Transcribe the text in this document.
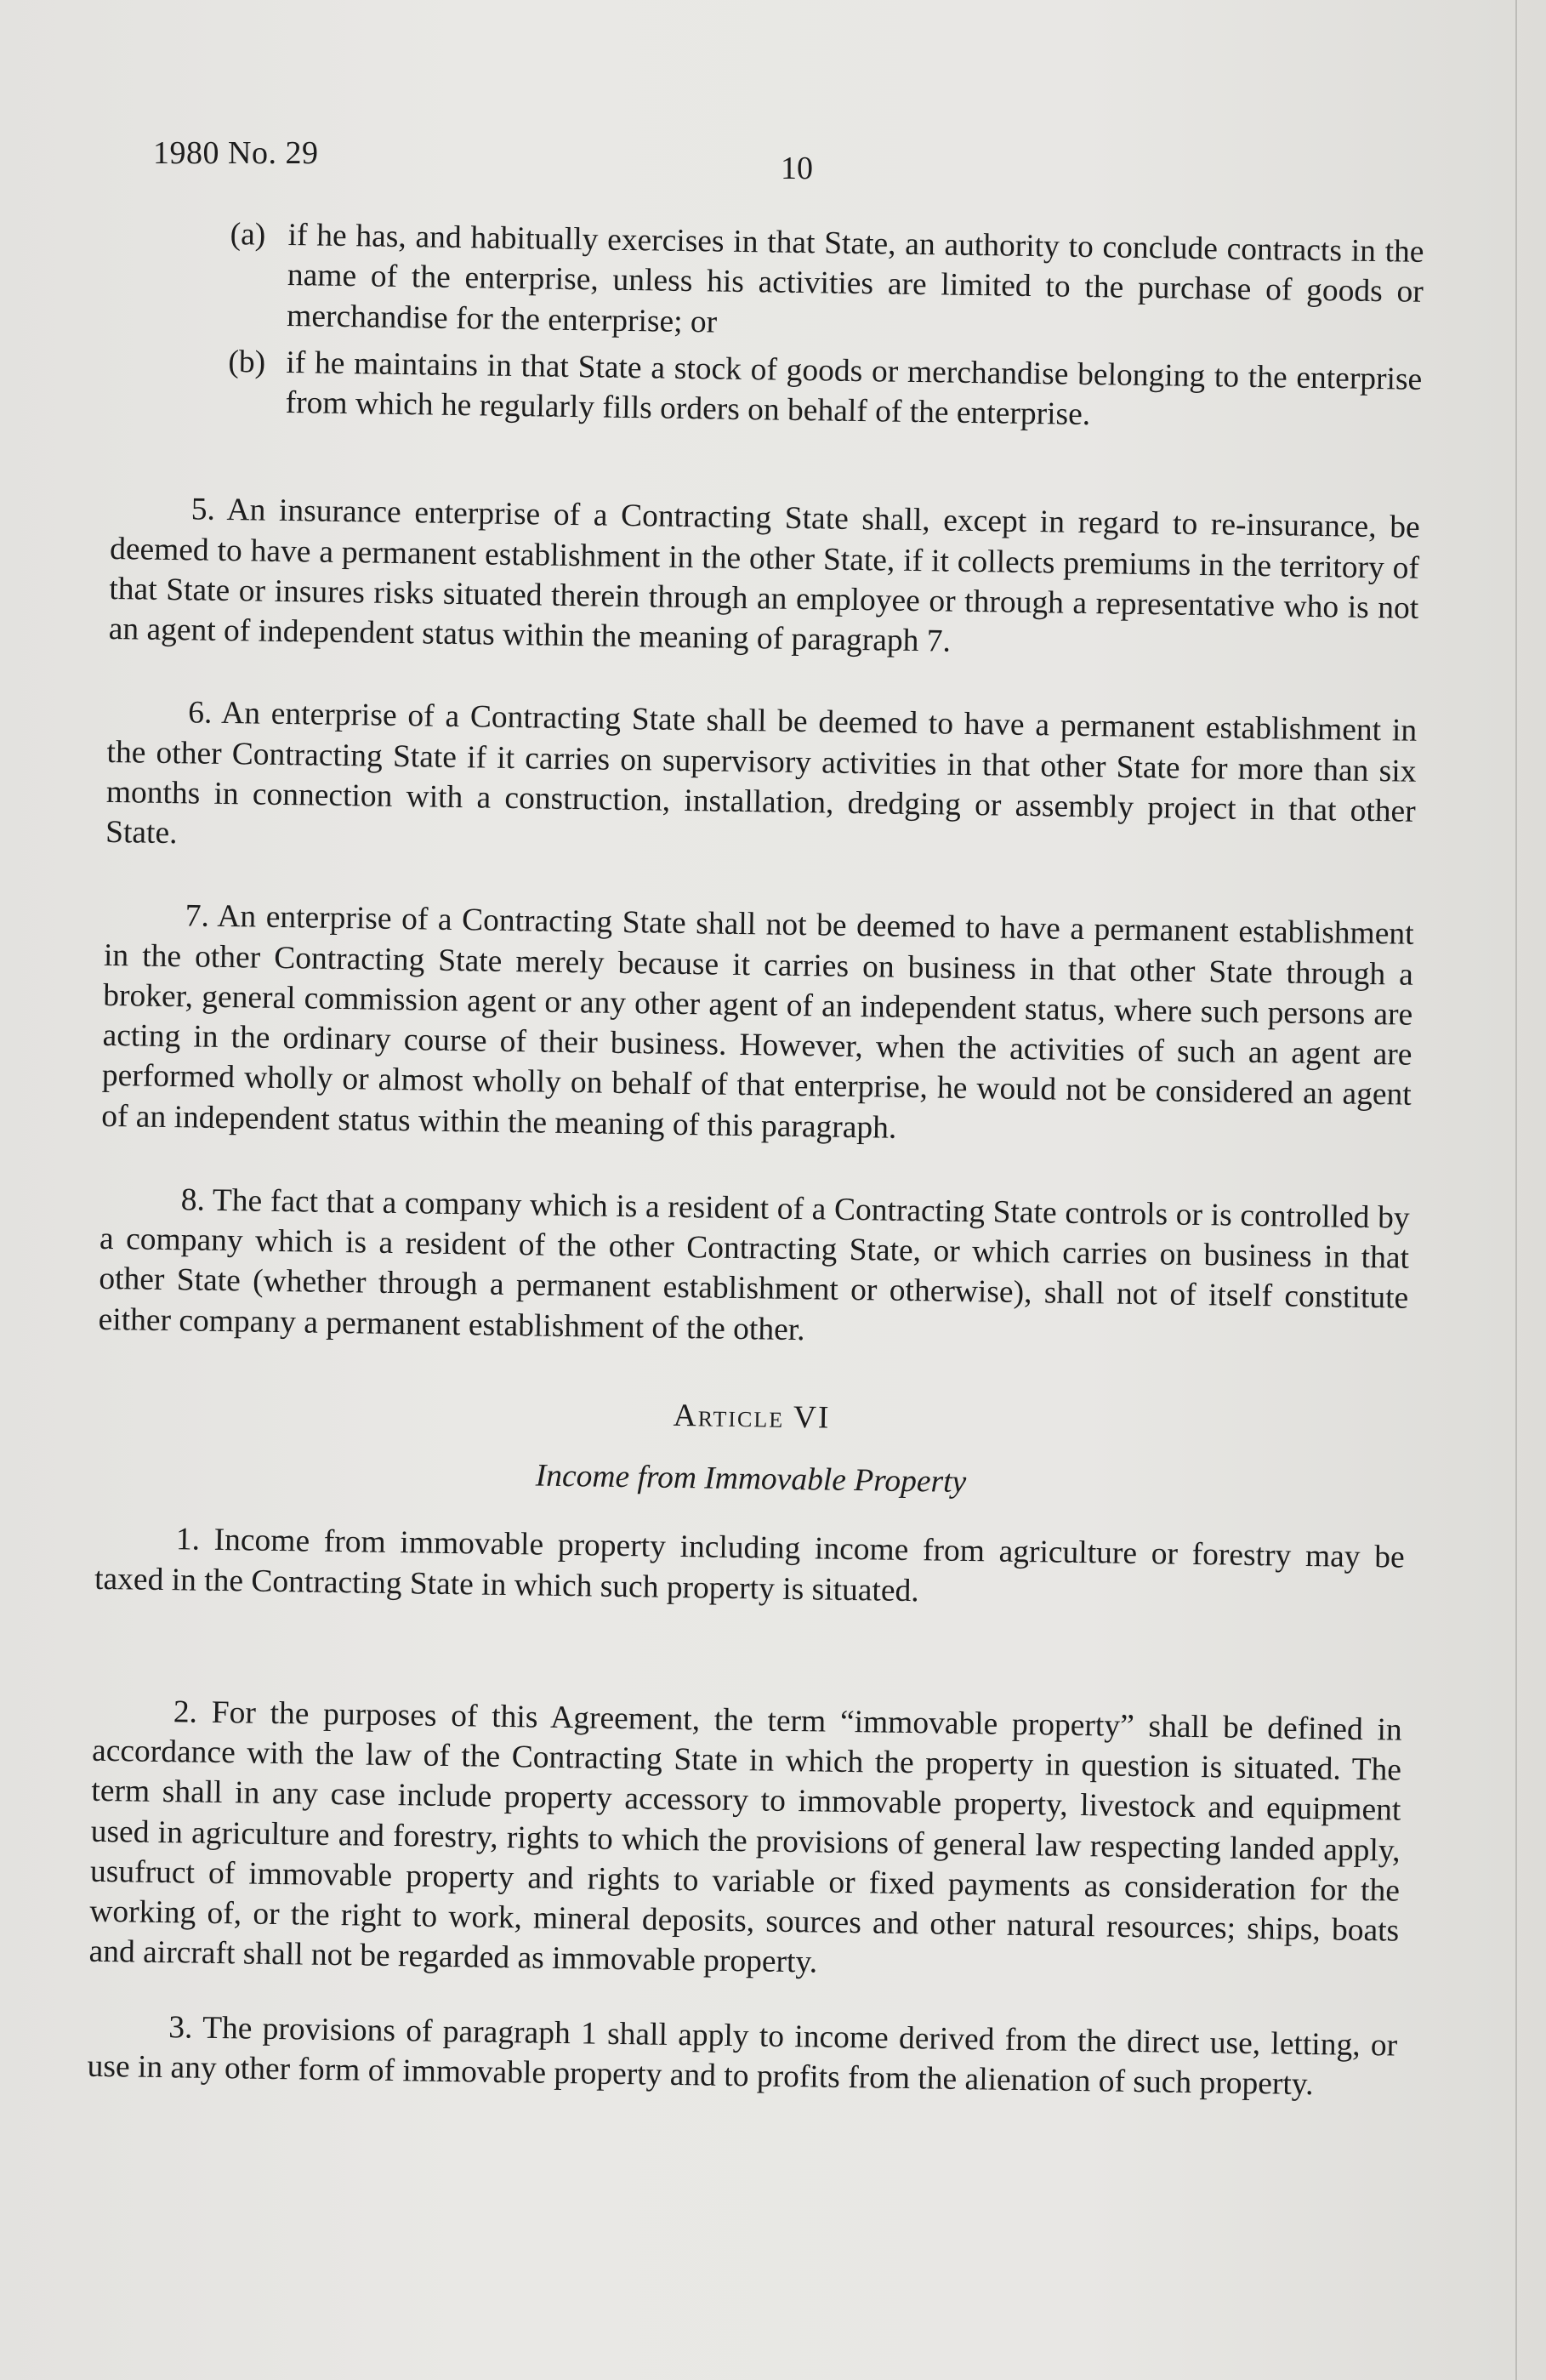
1980 No. 29	10
(a) if he has, and habitually exercises in that State, an authority to conclude contracts in the name of the enterprise, unless his activities are limited to the purchase of goods or merchandise for the enterprise; or
(b) if he maintains in that State a stock of goods or merchandise belonging to the enterprise from which he regularly fills orders on behalf of the enterprise.

5. An insurance enterprise of a Contracting State shall, except in regard to re-insurance, be deemed to have a permanent establishment in the other State, if it collects premiums in the territory of that State or insures risks situated therein through an employee or through a representative who is not an agent of independent status within the meaning of paragraph 7.

6. An enterprise of a Contracting State shall be deemed to have a permanent establishment in the other Contracting State if it carries on supervisory activities in that other State for more than six months in connection with a construction, installation, dredging or assembly project in that other State.

7. An enterprise of a Contracting State shall not be deemed to have a permanent establishment in the other Contracting State merely because it carries on business in that other State through a broker, general commission agent or any other agent of an independent status, where such persons are acting in the ordinary course of their business. However, when the activities of such an agent are performed wholly or almost wholly on behalf of that enterprise, he would not be considered an agent of an independent status within the meaning of this paragraph.

8. The fact that a company which is a resident of a Contracting State controls or is controlled by a company which is a resident of the other Contracting State, or which carries on business in that other State (whether through a permanent establishment or otherwise), shall not of itself constitute either company a permanent establishment of the other.

Article VI

Income from Immovable Property

1. Income from immovable property including income from agriculture or forestry may be taxed in the Contracting State in which such property is situated.

2. For the purposes of this Agreement, the term “immovable property” shall be defined in accordance with the law of the Contracting State in which the property in question is situated. The term shall in any case include property accessory to immovable property, livestock and equipment used in agriculture and forestry, rights to which the provisions of general law respecting landed apply, usufruct of immovable property and rights to variable or fixed payments as consideration for the working of, or the right to work, mineral deposits, sources and other natural resources; ships, boats and aircraft shall not be regarded as immovable property.

3. The provisions of paragraph 1 shall apply to income derived from the direct use, letting, or use in any other form of immovable property and to profits from the alienation of such property.
